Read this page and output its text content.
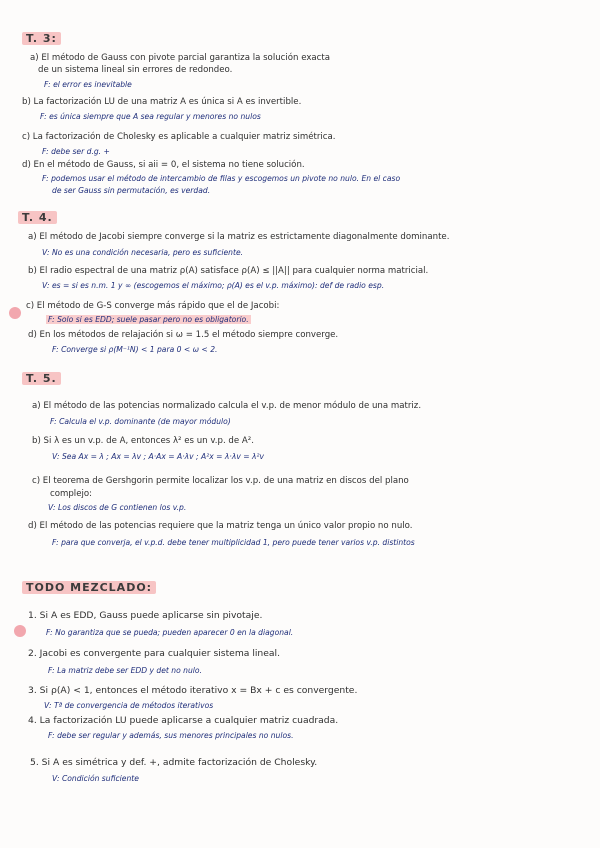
T. 3:
a) El método de Gauss con pivote parcial garantiza la solución exacta
de un sistema lineal sin errores de redondeo.
F: el error es inevitable
b) La factorización LU de una matriz A es única si A es invertible.
F: es única siempre que A sea regular y menores no nulos
c) La factorización de Cholesky es aplicable a cualquier matriz simétrica.
F: debe ser d.g. +
d) En el método de Gauss, si aii = 0, el sistema no tiene solución.
F: podemos usar el método de intercambio de filas y escogemos un pivote no nulo. En el caso
de ser Gauss sin permutación, es verdad.
T. 4.
a) El método de Jacobi siempre converge si la matriz es estrictamente diagonalmente dominante.
V: No es una condición necesaria, pero es suficiente.
b) El radio espectral de una matriz ρ(A) satisface ρ(A) ≤ ||A|| para cualquier norma matricial.
V: es = si es n.m. 1 y ∞ (escogemos el máximo; ρ(A) es el v.p. máximo): def de radio esp.
c) El método de G-S converge más rápido que el de Jacobi:
F: Solo si es EDD; suele pasar pero no es obligatorio.
d) En los métodos de relajación si ω = 1.5 el método siempre converge.
F: Converge si ρ(M⁻¹N) < 1 para 0 < ω < 2.
T. 5.
a) El método de las potencias normalizado calcula el v.p. de menor módulo de una matriz.
F: Calcula el v.p. dominante (de mayor módulo)
b) Si λ es un v.p. de A, entonces λ² es un v.p. de A².
V: Sea Ax = λ ; Ax = λv ; A·Ax = A·λv ; A²x = λ·λv = λ²v
c) El teorema de Gershgorin permite localizar los v.p. de una matriz en discos del plano
complejo:
V: Los discos de G contienen los v.p.
d) El método de las potencias requiere que la matriz tenga un único valor propio no nulo.
F: para que converja, el v.p.d. debe tener multiplicidad 1, pero puede tener varios v.p. distintos
TODO MEZCLADO:
1. Si A es EDD, Gauss puede aplicarse sin pivotaje.
F: No garantiza que se pueda; pueden aparecer 0 en la diagonal.
2. Jacobi es convergente para cualquier sistema lineal.
F: La matriz debe ser EDD y det no nulo.
3. Si ρ(A) < 1, entonces el método iterativo x = Bx + c es convergente.
V: Tª de convergencia de métodos iterativos
4. La factorización LU puede aplicarse a cualquier matriz cuadrada.
F: debe ser regular y además, sus menores principales no nulos.
5. Si A es simétrica y def. +, admite factorización de Cholesky.
V: Condición suficiente
